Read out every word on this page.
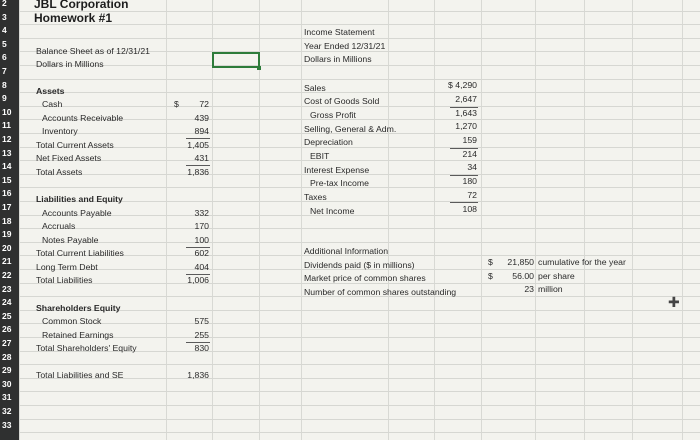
2
3
4
5
6
7
8
9
10
11
12
13
14
15
16
17
18
19
20
21
22
23
24
25
26
27
28
29
30
31
32
33
JBL Corporation
Homework #1
Balance Sheet as of 12/31/21
Dollars in Millions
Assets
$
Cash	72
Accounts Receivable	439
Inventory	894
Total Current Assets	1,405
Net Fixed Assets	431
Total Assets	1,836
Liabilities and Equity
Accounts Payable	332
Accruals	170
Notes Payable	100
Total Current Liabilities	602
Long Term Debt	404
Total Liabilities	1,006
Shareholders Equity
Common Stock	575
Retained Earnings	255
Total Shareholders' Equity	830
Total Liabilities and SE	1,836
Income Statement
Year Ended 12/31/21
Dollars in Millions
Sales	$ 4,290
Cost of Goods Sold	2,647
Gross Profit	1,643
Selling, General & Adm.	1,270
Depreciation	159
EBIT	214
Interest Expense	34
Pre-tax Income	180
Taxes	72
Net Income	108
Additional Information
Dividends paid ($ in millions)	$	21,850 cumulative for the year
Market price of common shares	$	56.00 per share
Number of common shares outstanding	23 million
✚
